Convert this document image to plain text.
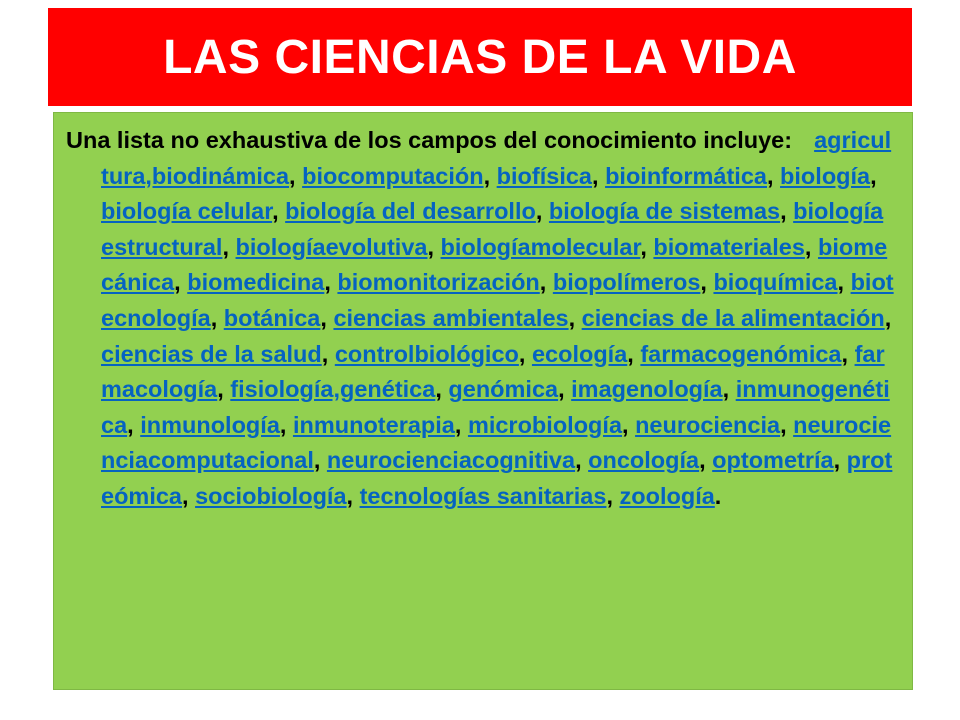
LAS CIENCIAS DE LA VIDA

Una lista no exhaustiva de los campos del conocimiento incluye: agricultura,biodinámica, biocomputación, biofísica, bioinformática, biología, biología celular, biología del desarrollo, biología de sistemas, biología estructural, biologíaevolutiva, biologíamolecular, biomateriales, biomecánica, biomedicina, biomonitorización, biopolímeros, bioquímica, biotecnología, botánica, ciencias ambientales, ciencias de la alimentación, ciencias de la salud, controlbiológico, ecología, farmacogenómica, farmacología, fisiología,genética, genómica, imagenología, inmunogenética, inmunología, inmunoterapia, microbiología, neurociencia, neurocienciacomputacional, neurocienciacognitiva, oncología, optometría, proteómica, sociobiología, tecnologías sanitarias, zoología.
